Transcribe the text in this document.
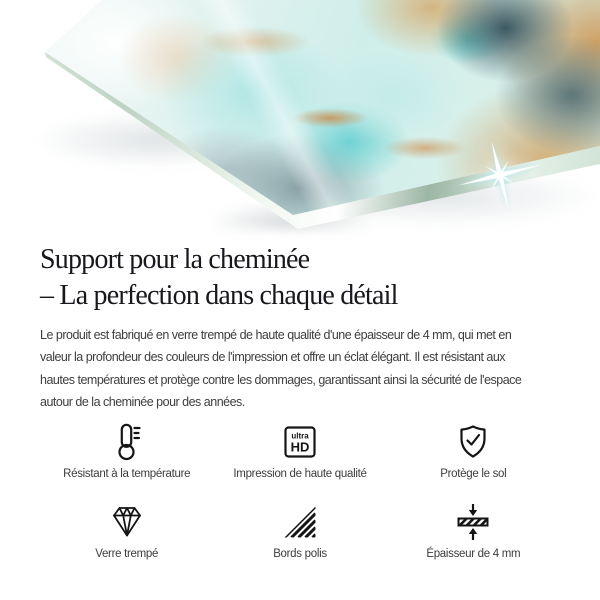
Support pour la cheminée
– La perfection dans chaque détail

Le produit est fabriqué en verre trempé de haute qualité d'une épaisseur de 4 mm, qui met en
valeur la profondeur des couleurs de l'impression et offre un éclat élégant. Il est résistant aux
hautes températures et protège contre les dommages, garantissant ainsi la sécurité de l'espace
autour de la cheminée pour des années.

Résistant à la température
ultra
HD
Impression de haute qualité	Protège le sol
Verre trempé	Bords polis	Épaisseur de 4 mm
